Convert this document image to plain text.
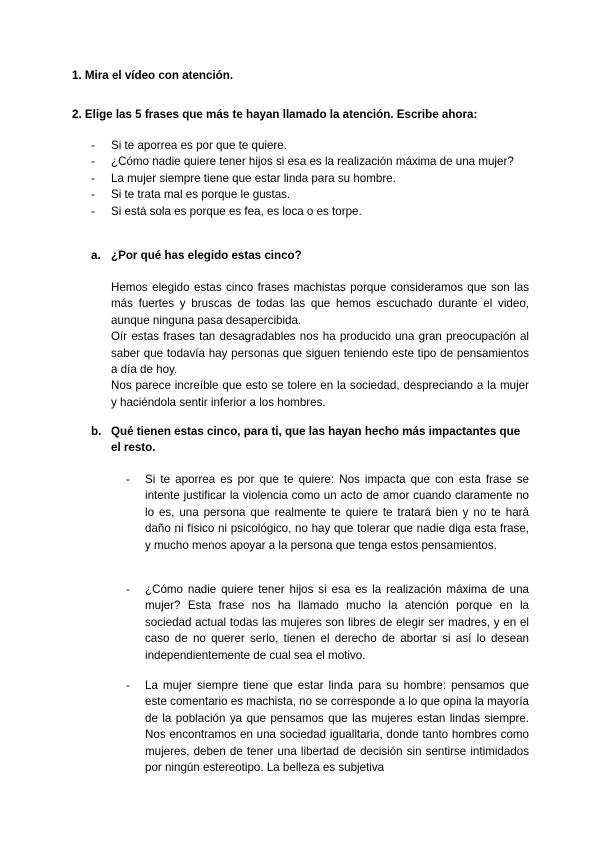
1. Mira el vídeo con atención.

2. Elige las 5 frases que más te hayan llamado la atención. Escribe ahora:

- Si te aporrea es por que te quiere.
- ¿Cómo nadie quiere tener hijos si esa es la realización máxima de una mujer?
- La mujer siempre tiene que estar linda para su hombre.
- Si te trata mal es porque le gustas.
- Si está sola es porque es fea, es loca o es torpe.
a. ¿Por qué has elegido estas cinco?

Hemos elegido estas cinco frases machistas porque consideramos que son las más fuertes y bruscas de todas las que hemos escuchado durante el video, aunque ninguna pasa desapercibida.

Oír estas frases tan desagradables nos ha producido una gran preocupación al saber que todavía hay personas que siguen teniendo este tipo de pensamientos a día de hoy.

Nos parece increíble que esto se tolere en la sociedad, despreciando a la mujer y haciéndola sentir inferior a los hombres.

b. Qué tienen estas cinco, para ti, que las hayan hecho más impactantes que el resto.
-	Si te aporrea es por que te quiere: Nos impacta que con esta frase se intente justificar la violencia como un acto de amor cuando claramente no lo es, una persona que realmente te quiere te tratará bien y no te hará daño ni físico ni psicológico, no hay que tolerar que nadie diga esta frase, y mucho menos apoyar a la persona que tenga estos pensamientos.
-	¿Cómo nadie quiere tener hijos si esa es la realización máxima de una mujer? Esta frase nos ha llamado mucho la atención porque en la sociedad actual todas las mujeres son libres de elegir ser madres, y en el caso de no querer serlo, tienen el derecho de abortar si así lo desean independientemente de cual sea el motivo.
-	La mujer siempre tiene que estar linda para su hombre: pensamos que este comentario es machista, no se corresponde a lo que opina la mayoría de la población ya que pensamos que las mujeres estan lindas siempre. Nos encontramos en una sociedad igualitaria, donde tanto hombres como mujeres, deben de tener una libertad de decisión sin sentirse intimidados por ningún estereotipo. La belleza es subjetiva
